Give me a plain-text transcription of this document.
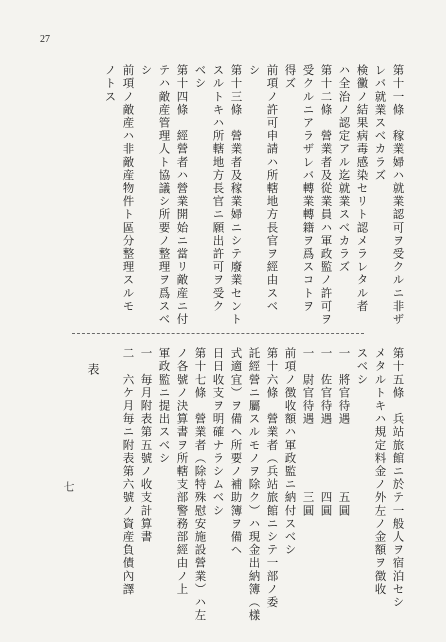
27
第十一條　稼業婦ハ就業認可ヲ受クルニ非ザ
レバ就業スベカラズ
検黴ノ結果病毒感染セリト認メラレタル者
ハ全治ノ認定アル迄就業スベカラズ
第十二條　營業者及從業員ハ軍政監ノ許可ヲ
受クルニアラザレバ轉業轉籍ヲ爲スコトヲ
得ズ
前項ノ許可申請ハ所轄地方長官ヲ經由スベ
シ
第十三條　營業者及稼業婦ニシテ廢業セント
スルトキハ所轄地方長官ニ願出許可ヲ受ク
ベシ
第十四條　經營者ハ營業開始ニ當リ敵産ニ付
テハ敵産管理人ト協議シ所要ノ整理ヲ爲スベ
シ
前項ノ敵産ハ非敵産物件ト區分整理スルモ
ノトス
第十五條　兵站旅館ニ於テ一般人ヲ宿泊セシ
メタルトキハ規定料金ノ外左ノ金額ヲ徴收
スベシ
一　將官待遇　　　　　五圓
一　佐官待遇　　　　　四圓
一　尉官待遇　　　　　三圓
前項ノ徴收額ハ軍政監ニ納付スベシ
第十六條　營業者（兵站旅館ニシテ一部ノ委
託經營ニ屬スルモノヲ除ク）ハ現金出納簿（樣
式適宜）ヲ備ヘ所要ノ補助簿ヲ備ヘ
日日收支ヲ明確ナラシムベシ
第十七條　營業者（除特殊慰安施設營業）ハ左
ノ各號ノ決算書ヲ所轄支部警務部經由ノ上
軍政監ニ提出スベシ
一　毎月附表第五號ノ收支計算書
二　六ケ月毎ニ附表第六號ノ資産負債內譯
表
七
